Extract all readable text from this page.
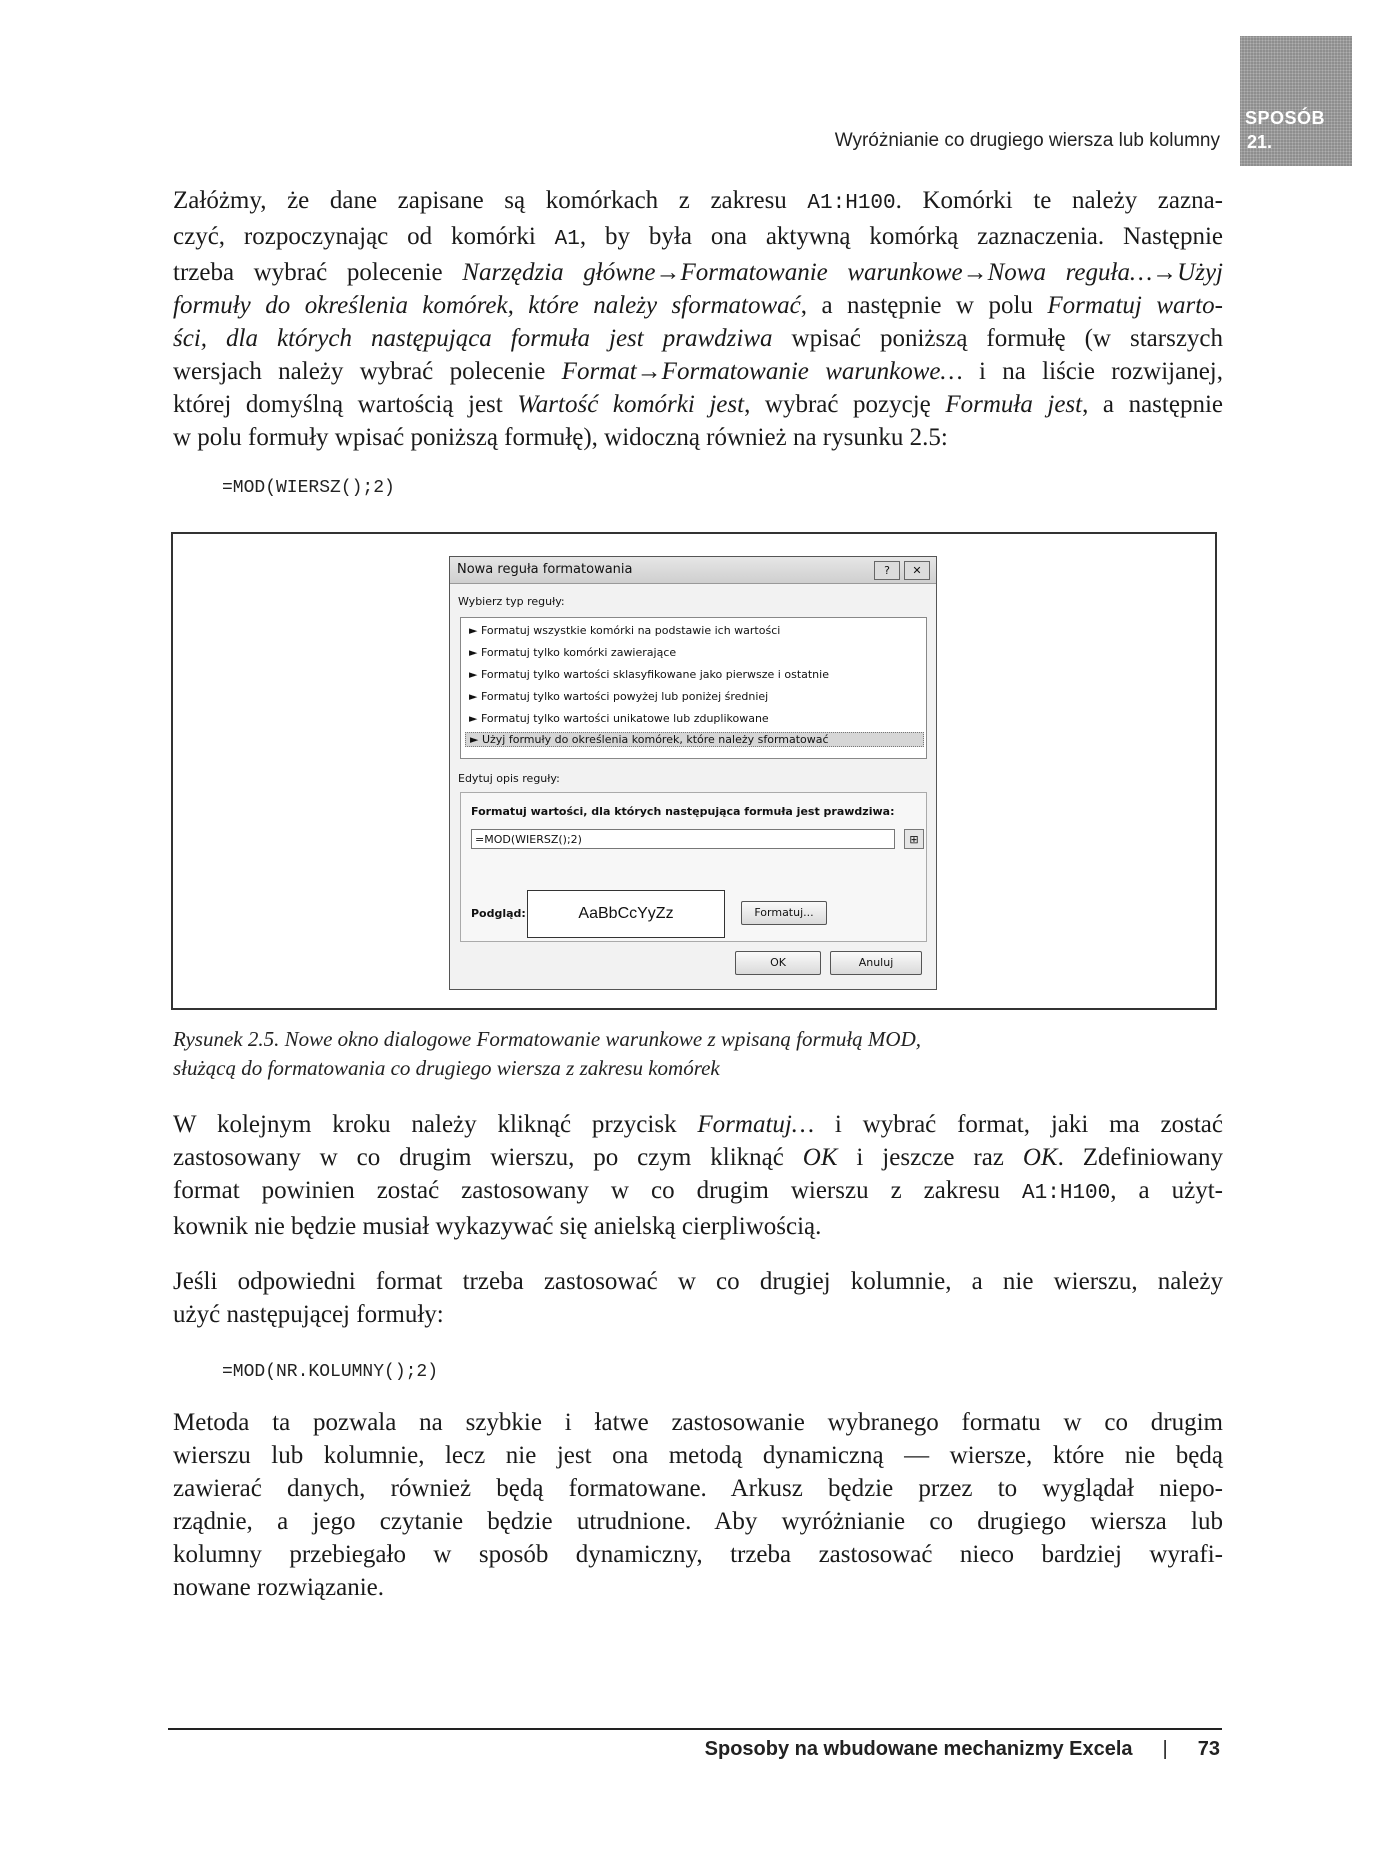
Wyróżnianie co drugiego wiersza lub kolumny
SPOSÓB
21.
Załóżmy, że dane zapisane są komórkach z zakresu A1:H100. Komórki te należy zazna-
czyć, rozpoczynając od komórki A1, by była ona aktywną komórką zaznaczenia. Następnie
trzeba wybrać polecenie Narzędzia główne→Formatowanie warunkowe→Nowa reguła…→Użyj
formuły do określenia komórek, które należy sformatować, a następnie w polu Formatuj warto-
ści, dla których następująca formuła jest prawdziwa wpisać poniższą formułę (w starszych
wersjach należy wybrać polecenie Format→Formatowanie warunkowe… i na liście rozwijanej,
której domyślną wartością jest Wartość komórki jest, wybrać pozycję Formuła jest, a następnie
w polu formuły wpisać poniższą formułę), widoczną również na rysunku 2.5:
=MOD(WIERSZ();2)
Nowa reguła formatowania	?	✕
Wybierz typ reguły:
► Formatuj wszystkie komórki na podstawie ich wartości
► Formatuj tylko komórki zawierające
► Formatuj tylko wartości sklasyfikowane jako pierwsze i ostatnie
► Formatuj tylko wartości powyżej lub poniżej średniej
► Formatuj tylko wartości unikatowe lub zduplikowane
► Użyj formuły do określenia komórek, które należy sformatować
Edytuj opis reguły:
Formatuj wartości, dla których następująca formuła jest prawdziwa:
=MOD(WIERSZ();2)	⊞
Podgląd:	AaBbCcYyZz	Formatuj...
OK	Anuluj
Rysunek 2.5. Nowe okno dialogowe Formatowanie warunkowe z wpisaną formułą MOD,
służącą do formatowania co drugiego wiersza z zakresu komórek
W kolejnym kroku należy kliknąć przycisk Formatuj… i wybrać format, jaki ma zostać
zastosowany w co drugim wierszu, po czym kliknąć OK i jeszcze raz OK. Zdefiniowany
format powinien zostać zastosowany w co drugim wierszu z zakresu A1:H100, a użyt-
kownik nie będzie musiał wykazywać się anielską cierpliwością.
Jeśli odpowiedni format trzeba zastosować w co drugiej kolumnie, a nie wierszu, należy
użyć następującej formuły:
=MOD(NR.KOLUMNY();2)
Metoda ta pozwala na szybkie i łatwe zastosowanie wybranego formatu w co drugim
wierszu lub kolumnie, lecz nie jest ona metodą dynamiczną — wiersze, które nie będą
zawierać danych, również będą formatowane. Arkusz będzie przez to wyglądał niepo-
rządnie, a jego czytanie będzie utrudnione. Aby wyróżnianie co drugiego wiersza lub
kolumny przebiegało w sposób dynamiczny, trzeba zastosować nieco bardziej wyrafi-
nowane rozwiązanie.
Sposoby na wbudowane mechanizmy Excela | 73
